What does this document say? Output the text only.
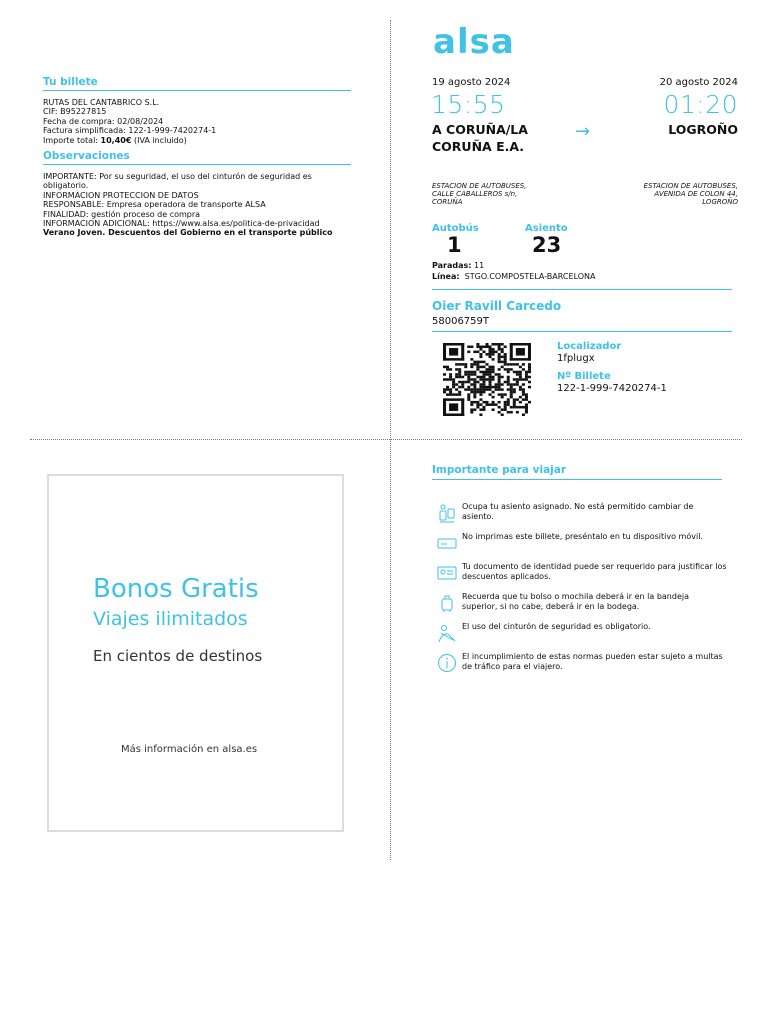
Tu billete
RUTAS DEL CANTABRICO S.L.
CIF: B95227815
Fecha de compra: 02/08/2024
Factura simplificada: 122-1-999-7420274-1
Importe total: 10,40€ (IVA incluido)
Observaciones
IMPORTANTE: Por su seguridad, el uso del cinturón de seguridad es
obligatorio.
INFORMACION PROTECCION DE DATOS
RESPONSABLE: Empresa operadora de transporte ALSA
FINALIDAD: gestión proceso de compra
INFORMACION ADICIONAL: https://www.alsa.es/politica-de-privacidad
Verano Joven. Descuentos del Gobierno en el transporte público
alsa
19 agosto 2024	20 agosto 2024
15:55	01:20
A CORUÑA/LA
CORUÑA E.A.
→	LOGROÑO
ESTACION DE AUTOBUSES,
CALLE CABALLEROS s/n,
CORUÑA
ESTACION DE AUTOBUSES,
AVENIDA DE COLON 44,
LOGROÑO
Autobús
1
Asiento
23
Paradas: 11
Línea: STGO.COMPOSTELA-BARCELONA
Oier Ravill Carcedo
58006759T
Localizador
1fplugx
Nº Billete
122-1-999-7420274-1
Bonos Gratis
Viajes ilimitados
En cientos de destinos
Más información en alsa.es
Importante para viajar
Ocupa tu asiento asignado. No está permitido cambiar de asiento.
No imprimas este billete, preséntalo en tu dispositivo móvil.
Tu documento de identidad puede ser requerido para justificar los descuentos aplicados.
Recuerda que tu bolso o mochila deberá ir en la bandeja superior, si no cabe, deberá ir en la bodega.
El uso del cinturón de seguridad es obligatorio.
El incumplimiento de estas normas pueden estar sujeto a multas de tráfico para el viajero.
